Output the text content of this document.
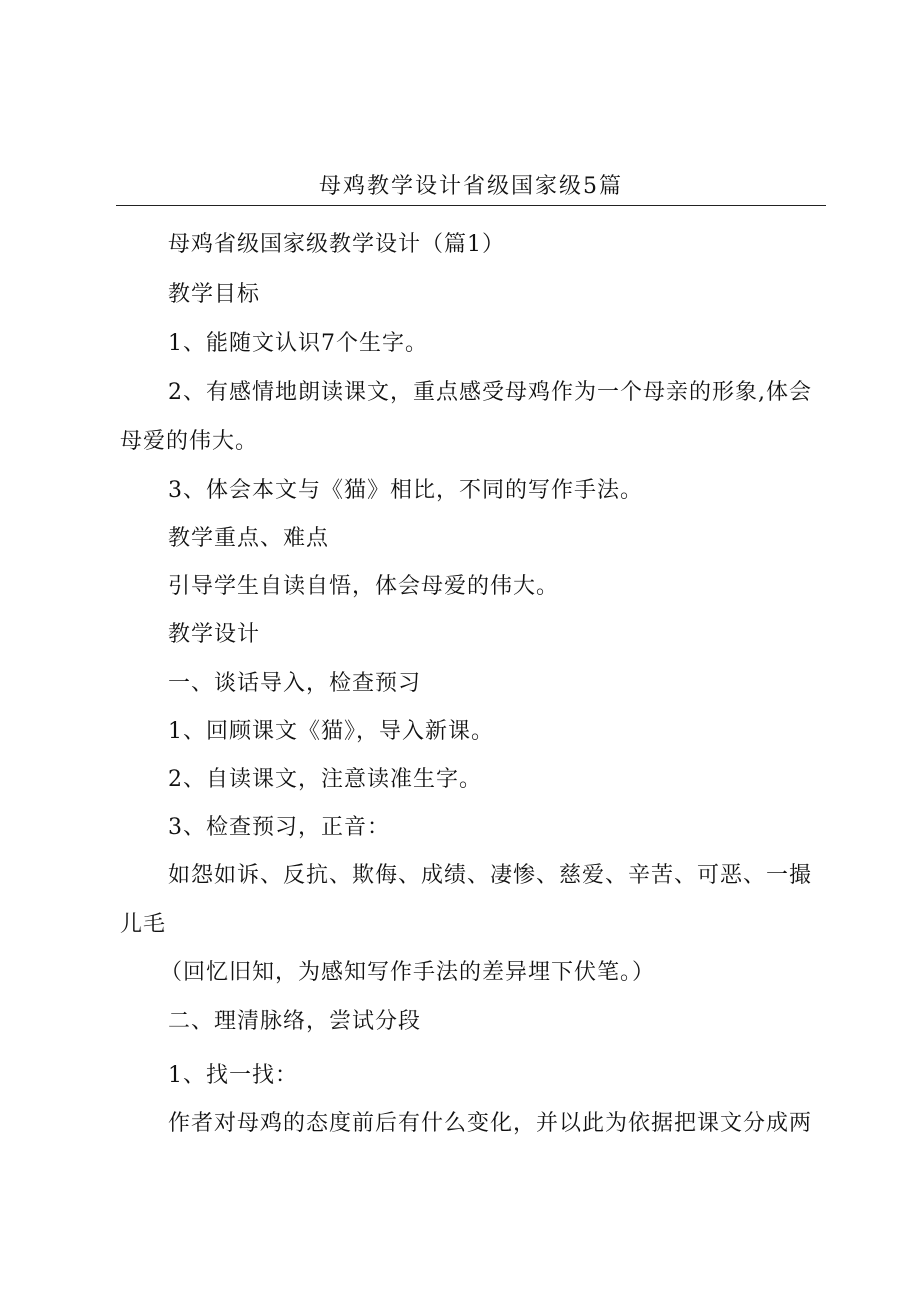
母鸡教学设计省级国家级5篇
母鸡省级国家级教学设计（篇1）
教学目标
1、能随文认识7个生字。
2、有感情地朗读课文，重点感受母鸡作为一个母亲的形象,体会
母爱的伟大。
3、体会本文与《猫》相比，不同的写作手法。
教学重点、难点
引导学生自读自悟，体会母爱的伟大。
教学设计
一、谈话导入，检查预习
1、回顾课文《猫》，导入新课。
2、自读课文，注意读准生字。
3、检查预习，正音：
如怨如诉、反抗、欺侮、成绩、凄惨、慈爱、辛苦、可恶、一撮
儿毛
（回忆旧知，为感知写作手法的差异埋下伏笔。）
二、理清脉络，尝试分段
1、找一找：
作者对母鸡的态度前后有什么变化，并以此为依据把课文分成两
